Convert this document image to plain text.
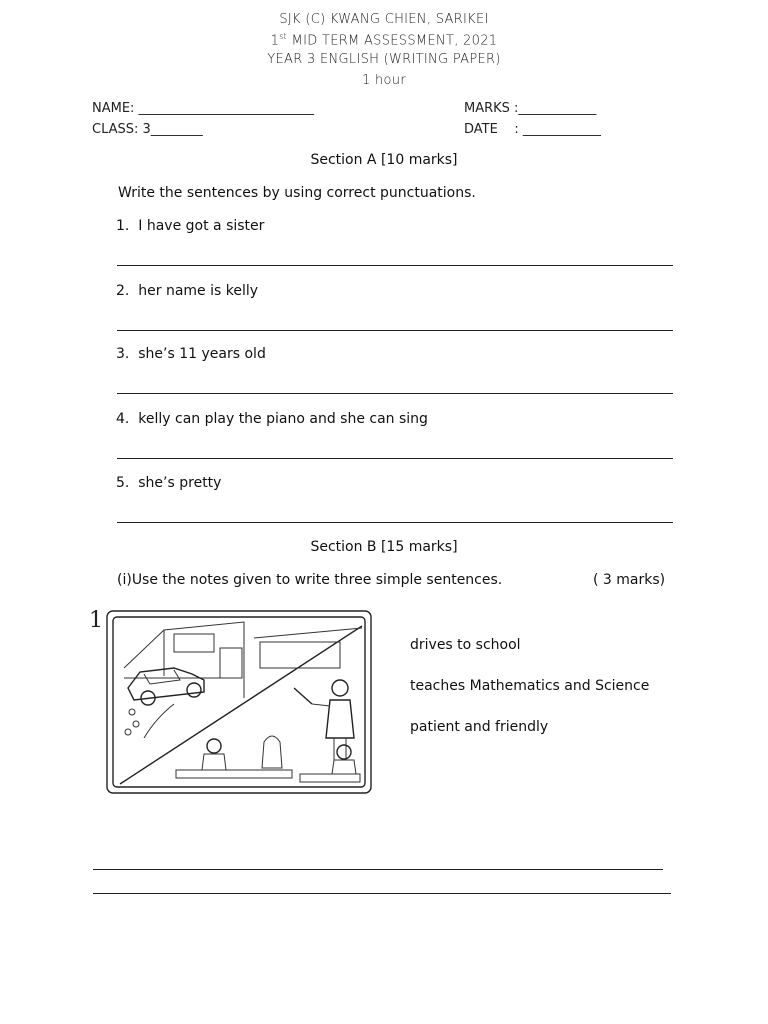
SJK (C) KWANG CHIEN, SARIKEI
1st MID TERM ASSESSMENT, 2021
YEAR 3 ENGLISH (WRITING PAPER)
1 hour
NAME: ___________________________	MARKS :____________
CLASS: 3________	DATE    : ____________
Section A [10 marks]
Write the sentences by using correct punctuations.
1. I have got a sister
2. her name is kelly
3. she’s 11 years old
4. kelly can play the piano and she can sing
5. she’s pretty
Section B [15 marks]
(i)Use the notes given to write three simple sentences.	( 3 marks)
1
drives to school
teaches Mathematics and Science
patient and friendly
